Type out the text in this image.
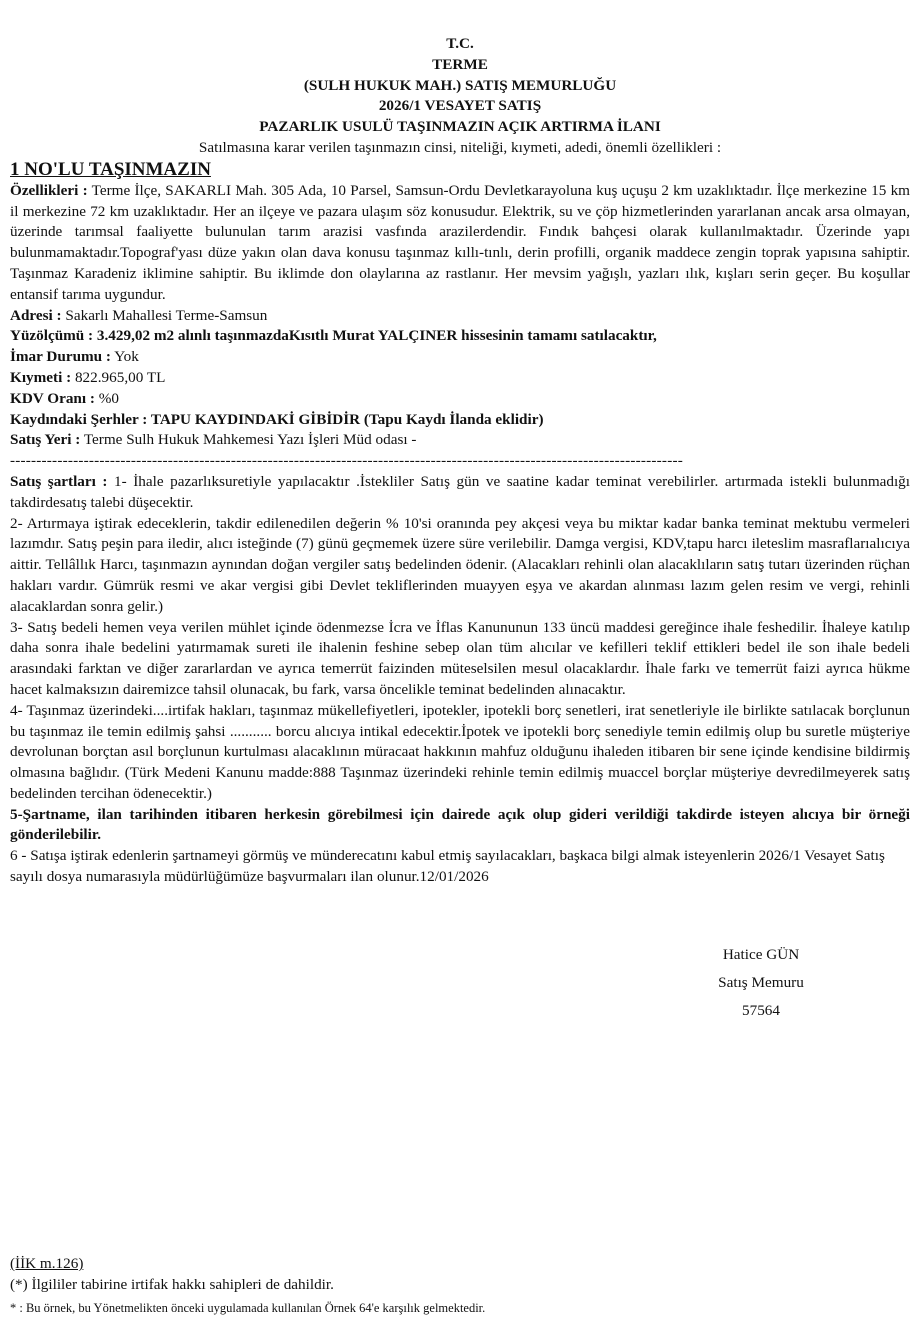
T.C.
TERME
(SULH HUKUK MAH.) SATIŞ MEMURLUĞU
2026/1 VESAYET SATIŞ
PAZARLIK USULÜ TAŞINMAZIN AÇIK ARTIRMA İLANI
Satılmasına karar verilen taşınmazın cinsi, niteliği, kıymeti, adedi, önemli özellikleri :
1 NO'LU TAŞINMAZIN
Özellikleri : Terme İlçe, SAKARLI Mah. 305 Ada, 10 Parsel, Samsun-Ordu Devletkarayoluna kuş uçuşu 2 km uzaklıktadır. İlçe merkezine 15 km il merkezine 72 km uzaklıktadır. Her an ilçeye ve pazara ulaşım söz konusudur. Elektrik, su ve çöp hizmetlerinden yararlanan ancak arsa olmayan, üzerinde tarımsal faaliyette bulunulan tarım arazisi vasfında arazilerdendir. Fındık bahçesi olarak kullanılmaktadır. Üzerinde yapı bulunmamaktadır.Topograf'yası düze yakın olan dava konusu taşınmaz kıllı-tınlı, derin profilli, organik maddece zengin toprak yapısına sahiptir. Taşınmaz Karadeniz iklimine sahiptir. Bu iklimde don olaylarına az rastlanır. Her mevsim yağışlı, yazları ılık, kışları serin geçer. Bu koşullar entansif tarıma uygundur.
Adresi : Sakarlı Mahallesi Terme-Samsun
Yüzölçümü : 3.429,02 m2 alınlı taşınmazdaKısıtlı Murat YALÇINER hissesinin tamamı satılacaktır,
İmar Durumu : Yok
Kıymeti : 822.965,00 TL
KDV Oranı : %0
Kaydındaki Şerhler : TAPU KAYDINDAKİ GİBİDİR (Tapu Kaydı İlanda eklidir)
Satış Yeri : Terme Sulh Hukuk Mahkemesi Yazı İşleri Müd odası -
--------------------------------------------------------------------------------------------------------------------------------
Satış şartları : 1- İhale pazarlıksuretiyle yapılacaktır .İstekliler Satış gün ve saatine kadar teminat verebilirler. artırmada istekli bulunmadığı takdirdesatış talebi düşecektir.
2- Artırmaya iştirak edeceklerin, takdir edilenedilen değerin % 10'si oranında pey akçesi veya bu miktar kadar banka teminat mektubu vermeleri lazımdır. Satış peşin para iledir, alıcı isteğinde (7) günü geçmemek üzere süre verilebilir. Damga vergisi, KDV,tapu harcı ileteslim masraflarıalıcıya aittir. Tellâllık Harcı, taşınmazın aynından doğan vergiler satış bedelinden ödenir. (Alacakları rehinli olan alacaklıların satış tutarı üzerinden rüçhan hakları vardır. Gümrük resmi ve akar vergisi gibi Devlet tekliflerinden muayyen eşya ve akardan alınması lazım gelen resim ve vergi, rehinli alacaklardan sonra gelir.)
3- Satış bedeli hemen veya verilen mühlet içinde ödenmezse İcra ve İflas Kanununun 133 üncü maddesi gereğince ihale feshedilir. İhaleye katılıp daha sonra ihale bedelini yatırmamak sureti ile ihalenin feshine sebep olan tüm alıcılar ve kefilleri teklif ettikleri bedel ile son ihale bedeli arasındaki farktan ve diğer zararlardan ve ayrıca temerrüt faizinden müteselsilen mesul olacaklardır. İhale farkı ve temerrüt faizi ayrıca hükme hacet kalmaksızın dairemizce tahsil olunacak, bu fark, varsa öncelikle teminat bedelinden alınacaktır.
4- Taşınmaz üzerindeki....irtifak hakları, taşınmaz mükellefiyetleri, ipotekler, ipotekli borç senetleri, irat senetleriyle ile birlikte satılacak borçlunun bu taşınmaz ile temin edilmiş şahsi ........... borcu alıcıya intikal edecektir.İpotek ve ipotekli borç senediyle temin edilmiş olup bu suretle müşteriye devrolunan borçtan asıl borçlunun kurtulması alacaklının müracaat hakkının mahfuz olduğunu ihaleden itibaren bir sene içinde kendisine bildirmiş olmasına bağlıdır. (Türk Medeni Kanunu madde:888 Taşınmaz üzerindeki rehinle temin edilmiş muaccel borçlar müşteriye devredilmeyerek satış bedelinden tercihan ödenecektir.)
5-Şartname, ilan tarihinden itibaren herkesin görebilmesi için dairede açık olup gideri verildiği takdirde isteyen alıcıya bir örneği gönderilebilir.
6 - Satışa iştirak edenlerin şartnameyi görmüş ve münderecatını kabul etmiş sayılacakları, başkaca bilgi almak isteyenlerin 2026/1 Vesayet Satış sayılı dosya numarasıyla müdürlüğümüze başvurmaları ilan olunur.12/01/2026
Hatice GÜN
Satış Memuru
57564
(İİK m.126)
(*) İlgililer tabirine irtifak hakkı sahipleri de dahildir.
* : Bu örnek, bu Yönetmelikten önceki uygulamada kullanılan Örnek 64'e karşılık gelmektedir.
